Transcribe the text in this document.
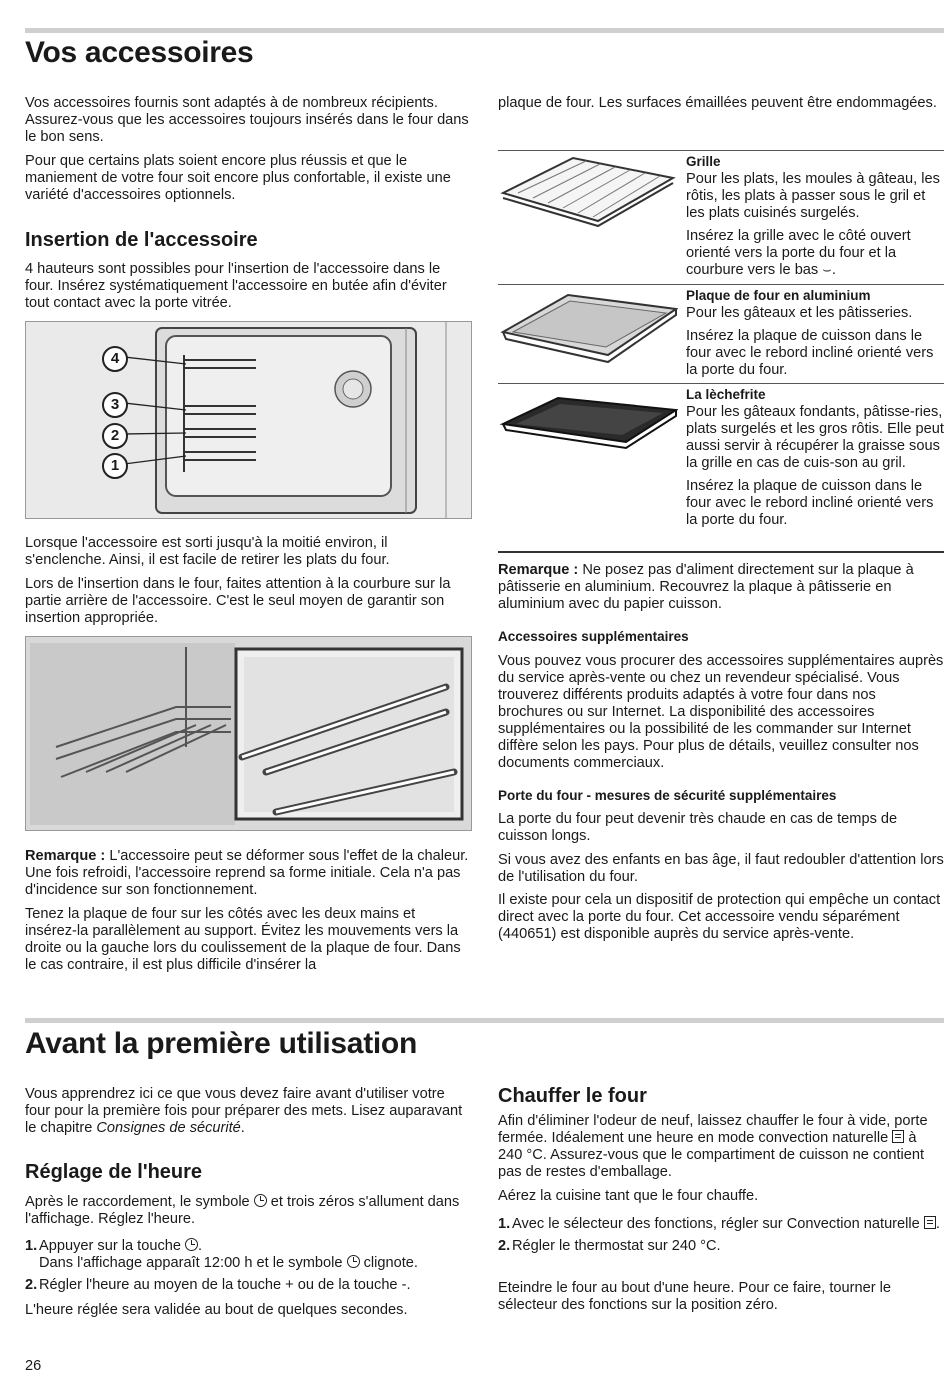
Vos accessoires

Vos accessoires fournis sont adaptés à de nombreux récipients. Assurez-vous que les accessoires toujours insérés dans le four dans le bon sens.

Pour que certains plats soient encore plus réussis et que le maniement de votre four soit encore plus confortable, il existe une variété d'accessoires optionnels.

Insertion de l'accessoire

4 hauteurs sont possibles pour l'insertion de l'accessoire dans le four. Insérez systématiquement l'accessoire en butée afin d'éviter tout contact avec la porte vitrée.

4
3
2
1

Lorsque l'accessoire est sorti jusqu'à la moitié environ, il s'enclenche. Ainsi, il est facile de retirer les plats du four.

Lors de l'insertion dans le four, faites attention à la courbure sur la partie arrière de l'accessoire. C'est le seul moyen de garantir son insertion appropriée.

Remarque : L'accessoire peut se déformer sous l'effet de la chaleur. Une fois refroidi, l'accessoire reprend sa forme initiale. Cela n'a pas d'incidence sur son fonctionnement.

Tenez la plaque de four sur les côtés avec les deux mains et insérez-la parallèlement au support. Évitez les mouvements vers la droite ou la gauche lors du coulissement de la plaque de four. Dans le cas contraire, il est plus difficile d'insérer la

plaque de four. Les surfaces émaillées peuvent être endommagées.

Grille
Pour les plats, les moules à gâteau, les rôtis, les plats à passer sous le gril et les plats cuisinés surgelés.

Insérez la grille avec le côté ouvert orienté vers la porte du four et la courbure vers le bas ⌣.

Plaque de four en aluminium
Pour les gâteaux et les pâtisseries.

Insérez la plaque de cuisson dans le four avec le rebord incliné orienté vers la porte du four.

La lèchefrite
Pour les gâteaux fondants, pâtisse-ries, plats surgelés et les gros rôtis. Elle peut aussi servir à récupérer la graisse sous la grille en cas de cuis-son au gril.

Insérez la plaque de cuisson dans le four avec le rebord incliné orienté vers la porte du four.

Remarque : Ne posez pas d'aliment directement sur la plaque à pâtisserie en aluminium. Recouvrez la plaque à pâtisserie en aluminium avec du papier cuisson.

Accessoires supplémentaires

Vous pouvez vous procurer des accessoires supplémentaires auprès du service après-vente ou chez un revendeur spécialisé. Vous trouverez différents produits adaptés à votre four dans nos brochures ou sur Internet. La disponibilité des accessoires supplémentaires ou la possibilité de les commander sur Internet diffère selon les pays. Pour plus de détails, veuillez consulter nos documents commerciaux.

Porte du four - mesures de sécurité supplémentaires

La porte du four peut devenir très chaude en cas de temps de cuisson longs.

Si vous avez des enfants en bas âge, il faut redoubler d'attention lors de l'utilisation du four.

Il existe pour cela un dispositif de protection qui empêche un contact direct avec la porte du four. Cet accessoire vendu séparément (440651) est disponible auprès du service après-vente.

Avant la première utilisation

Vous apprendrez ici ce que vous devez faire avant d'utiliser votre four pour la première fois pour préparer des mets. Lisez auparavant le chapitre Consignes de sécurité.

Réglage de l'heure

Après le raccordement, le symbole  et trois zéros s'allument dans l'affichage. Réglez l'heure.

1. Appuyer sur la touche .
Dans l'affichage apparaît 12:00 h et le symbole  clignote.
2. Régler l'heure au moyen de la touche + ou de la touche -.

L'heure réglée sera validée au bout de quelques secondes.

Chauffer le four

Afin d'éliminer l'odeur de neuf, laissez chauffer le four à vide, porte fermée. Idéalement une heure en mode convection naturelle  à 240 °C. Assurez-vous que le compartiment de cuisson ne contient pas de restes d'emballage.

Aérez la cuisine tant que le four chauffe.

1. Avec le sélecteur des fonctions, régler sur Convection naturelle .
2. Régler le thermostat sur 240 °C.

Eteindre le four au bout d'une heure. Pour ce faire, tourner le sélecteur des fonctions sur la position zéro.

26
